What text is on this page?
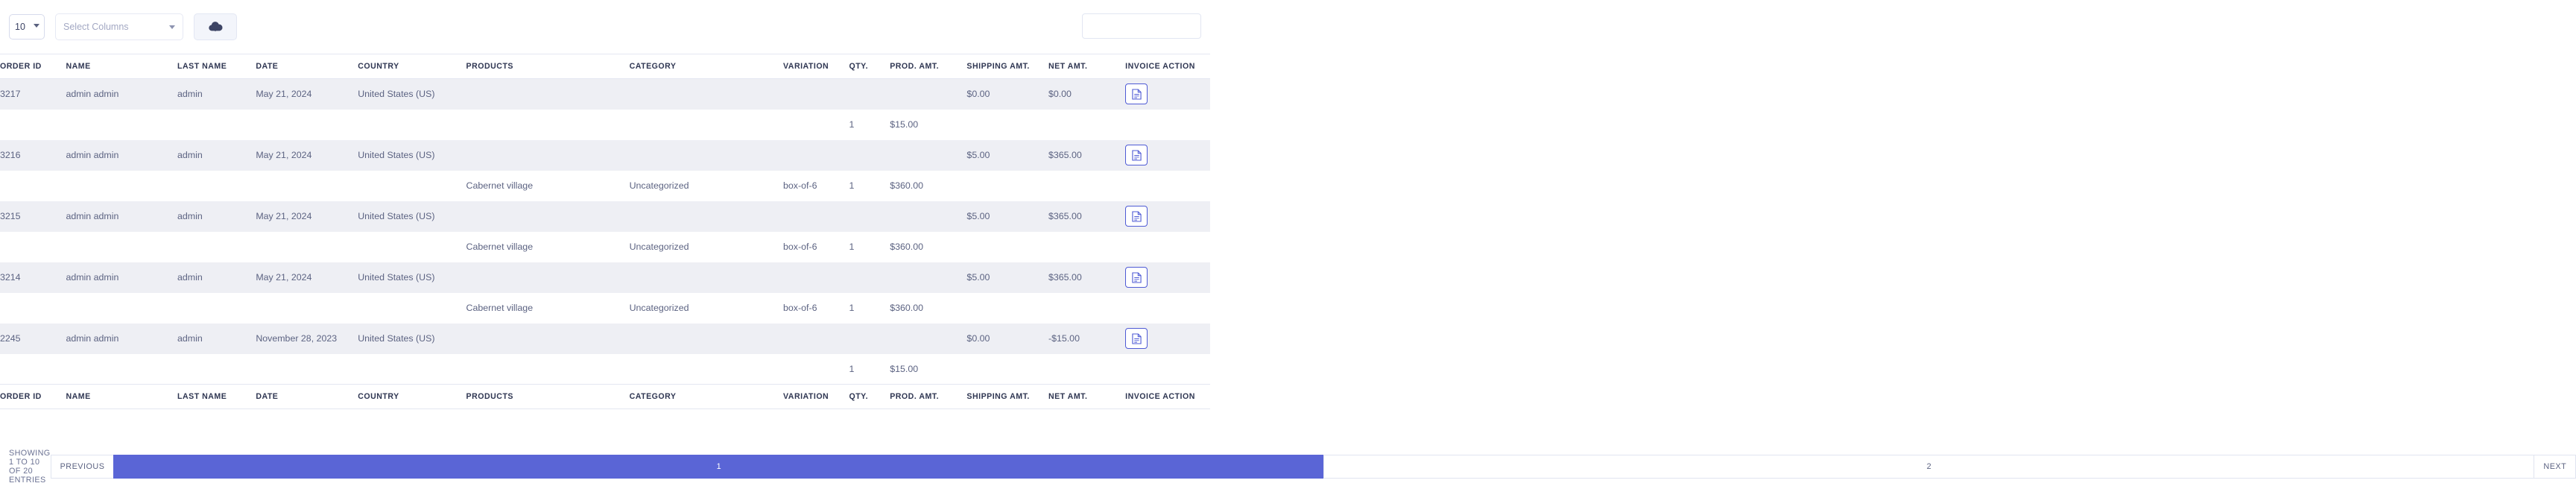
10
Select Columns
ORDER ID	NAME	LAST NAME	DATE	COUNTRY	PRODUCTS	CATEGORY	VARIATION	QTY.	PROD. AMT.	SHIPPING AMT.	NET AMT.	INVOICE ACTION
3217	admin admin	admin	May 21, 2024	United States (US)						$0.00	$0.00	

								1	$15.00			
3216	admin admin	admin	May 21, 2024	United States (US)						$5.00	$365.00	

					Cabernet village	Uncategorized	box-of-6	1	$360.00			
3215	admin admin	admin	May 21, 2024	United States (US)						$5.00	$365.00	

					Cabernet village	Uncategorized	box-of-6	1	$360.00			
3214	admin admin	admin	May 21, 2024	United States (US)						$5.00	$365.00	

					Cabernet village	Uncategorized	box-of-6	1	$360.00			
2245	admin admin	admin	November 28, 2023	United States (US)						$0.00	-$15.00	

								1	$15.00			
ORDER ID	NAME	LAST NAME	DATE	COUNTRY	PRODUCTS	CATEGORY	VARIATION	QTY.	PROD. AMT.	SHIPPING AMT.	NET AMT.	INVOICE ACTION
SHOWING 1 TO 10 OF 20 ENTRIES
PREVIOUS	1	2	NEXT
